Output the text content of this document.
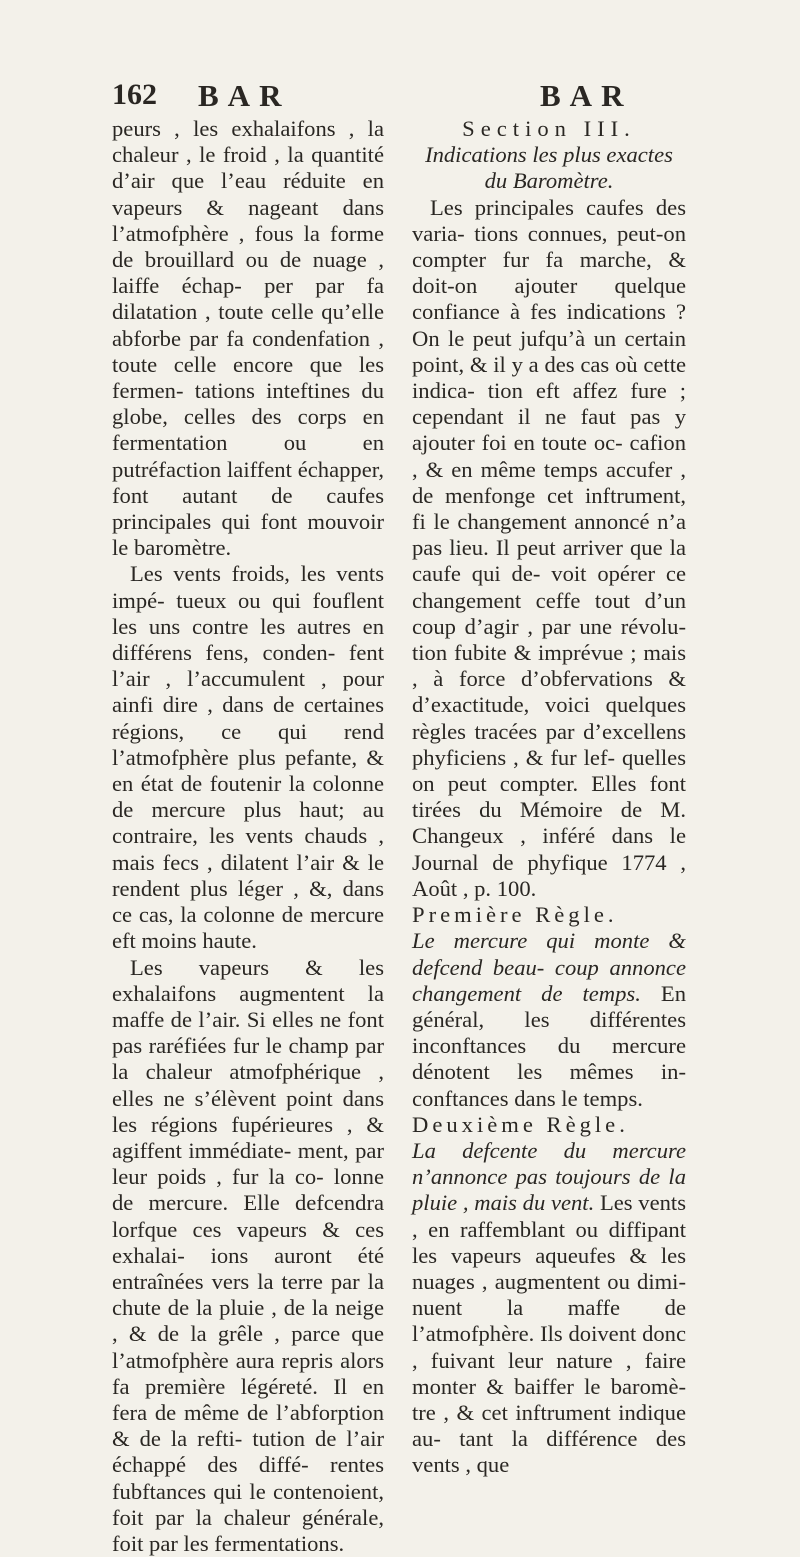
162 BAR	BAR

peurs , les exhalaifons , la chaleur , le froid , la quantité d’air que l’eau réduite en vapeurs & nageant dans l’atmofphère , fous la forme de brouillard ou de nuage , laiffe échap- per par fa dilatation , toute celle qu’elle abforbe par fa condenfation , toute celle encore que les fermen- tations inteftines du globe, celles des corps en fermentation ou en putréfaction laiffent échapper, font autant de caufes principales qui font mouvoir le baromètre.

Les vents froids, les vents impé- tueux ou qui fouflent les uns contre les autres en différens fens, conden- fent l’air , l’accumulent , pour ainfi dire , dans de certaines régions, ce qui rend l’atmofphère plus pefante, & en état de foutenir la colonne de mercure plus haut; au contraire, les vents chauds , mais fecs , dilatent l’air & le rendent plus léger , &, dans ce cas, la colonne de mercure eft moins haute.

Les vapeurs & les exhalaifons augmentent la maffe de l’air. Si elles ne font pas raréfiées fur le champ par la chaleur atmofphérique , elles ne s’élèvent point dans les régions fupérieures , & agiffent immédiate- ment, par leur poids , fur la co- lonne de mercure. Elle defcendra lorfque ces vapeurs & ces exhalai- ions auront été entraînées vers la terre par la chute de la pluie , de la neige , & de la grêle , parce que l’atmofphère aura repris alors fa première légéreté. Il en fera de même de l’abforption & de la refti- tution de l’air échappé des diffé- rentes fubftances qui le contenoient, foit par la chaleur générale, foit par les fermentations.

Section III.

Indications les plus exactes du Baromètre.

Les principales caufes des varia- tions connues, peut-on compter fur fa marche, & doit-on ajouter quelque confiance à fes indications ? On le peut jufqu’à un certain point, & il y a des cas où cette indica- tion eft affez fure ; cependant il ne faut pas y ajouter foi en toute oc- cafion , & en même temps accufer , de menfonge cet inftrument, fi le changement annoncé n’a pas lieu. Il peut arriver que la caufe qui de- voit opérer ce changement ceffe tout d’un coup d’agir , par une révolu- tion fubite & imprévue ; mais , à force d’obfervations & d’exactitude, voici quelques règles tracées par d’excellens phyficiens , & fur lef- quelles on peut compter. Elles font tirées du Mémoire de M. Changeux , inféré dans le Journal de phyfique 1774 , Août , p. 100.

Première Règle.

Le mercure qui monte & defcend beau- coup annonce changement de temps. En général, les différentes inconftances du mercure dénotent les mêmes in- conftances dans le temps.

Deuxième Règle.

La defcente du mercure n’annonce pas toujours de la pluie , mais du vent. Les vents , en raffemblant ou diffipant les vapeurs aqueufes & les nuages , augmentent ou dimi- nuent la maffe de l’atmofphère. Ils doivent donc , fuivant leur nature , faire monter & baiffer le baromè- tre , & cet inftrument indique au- tant la différence des vents , que
